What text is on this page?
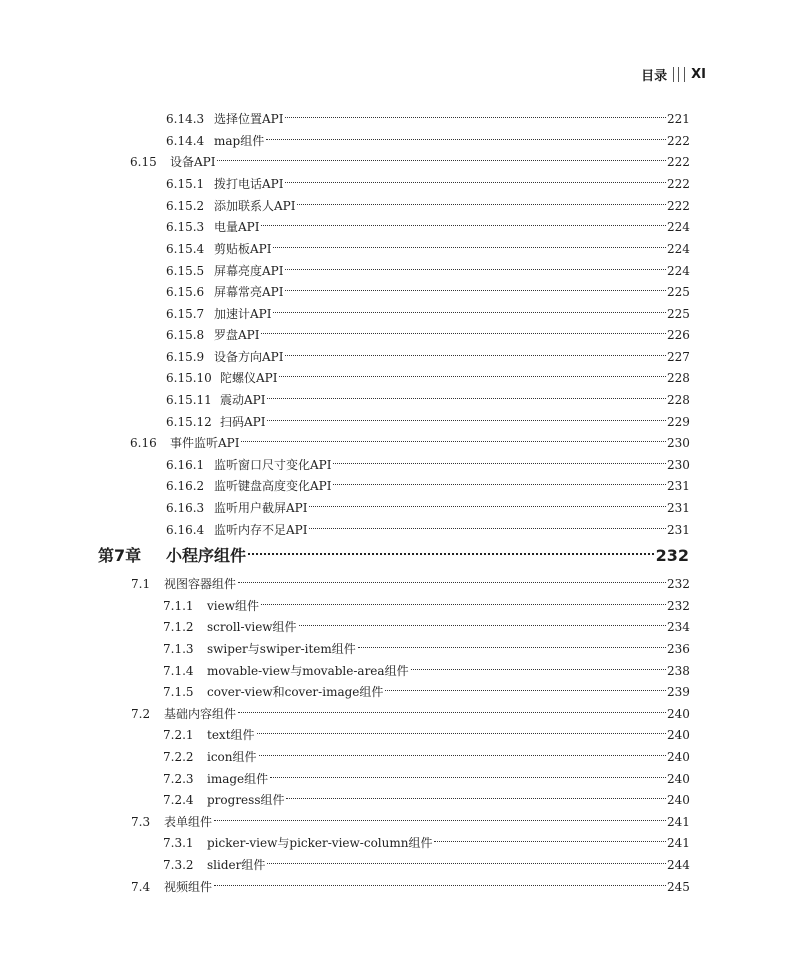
目录 XI
6.14.3 选择位置API	221
6.14.4 map组件	222
6.15	设备API	222
6.15.1 拨打电话API	222
6.15.2 添加联系人API	222
6.15.3 电量API	224
6.15.4 剪贴板API	224
6.15.5 屏幕亮度API	224
6.15.6 屏幕常亮API	225
6.15.7 加速计API	225
6.15.8 罗盘API	226
6.15.9 设备方向API	227
6.15.10 陀螺仪API	228
6.15.11 震动API	228
6.15.12 扫码API	229
6.16	事件监听API	230
6.16.1 监听窗口尺寸变化API	230
6.16.2 监听键盘高度变化API	231
6.16.3 监听用户截屏API	231
6.16.4 监听内存不足API	231
第7章	小程序组件	232
7.1	视图容器组件	232
7.1.1	view组件	232
7.1.2	scroll-view组件	234
7.1.3	swiper与swiper-item组件	236
7.1.4	movable-view与movable-area组件	238
7.1.5	cover-view和cover-image组件	239
7.2	基础内容组件	240
7.2.1	text组件	240
7.2.2	icon组件	240
7.2.3	image组件	240
7.2.4	progress组件	240
7.3	表单组件	241
7.3.1	picker-view与picker-view-column组件	241
7.3.2	slider组件	244
7.4	视频组件	245
